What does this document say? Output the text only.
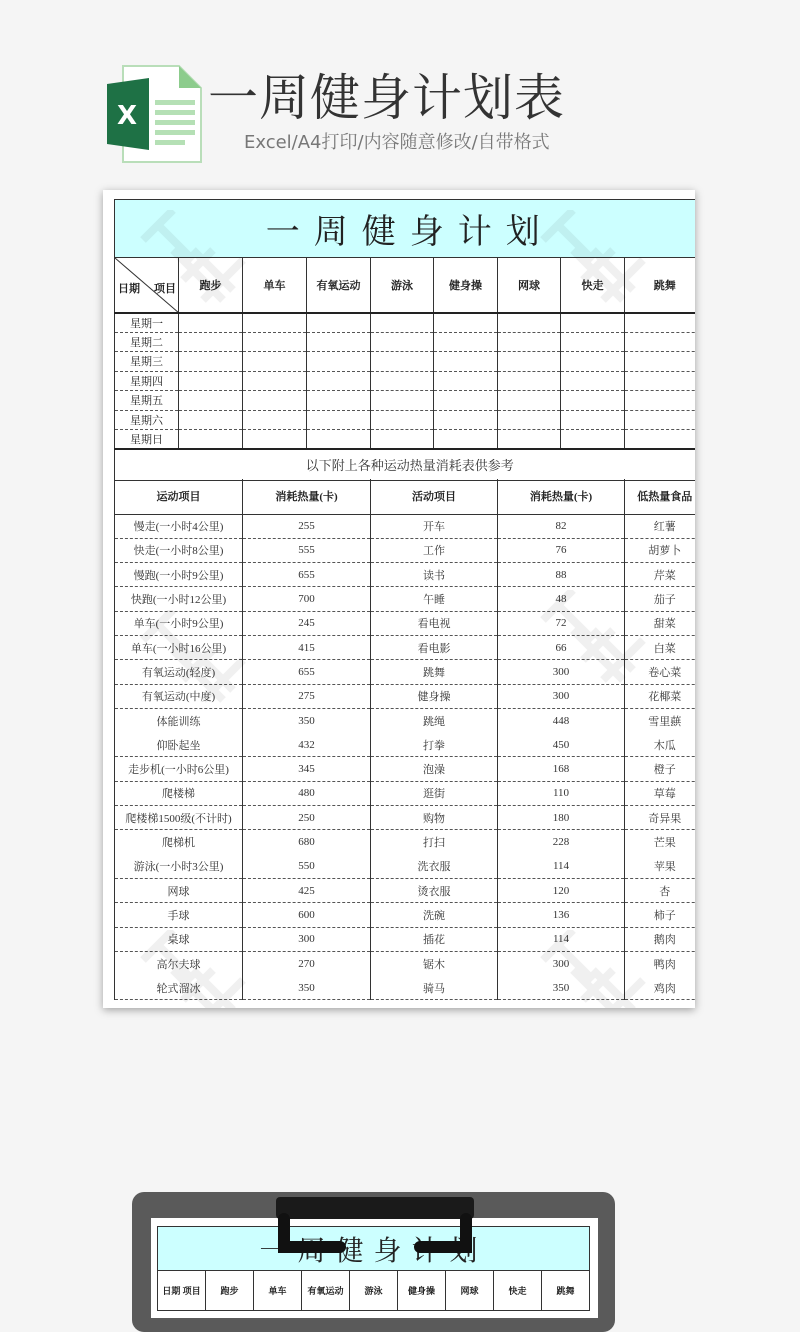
X 一周健身计划表
Excel/A4打印/内容随意修改/自带格式
一周健身计划								

日期 项目	跑步	单车	有氧运动	游泳	健身操	网球	快走	跳舞
星期一								
星期二								
星期三								
星期四								
星期五								
星期六								
星期日								
以下附上各种运动热量消耗表供参考								
运动项目	消耗热量(卡)	活动项目	消耗热量(卡)	低热量食品
慢走(一小时4公里)	255	开车	82	红薯
快走(一小时8公里)	555	工作	76	胡萝卜
慢跑(一小时9公里)	655	读书	88	芹菜
快跑(一小时12公里)	700	午睡	48	茄子
单车(一小时9公里)	245	看电视	72	甜菜
单车(一小时16公里)	415	看电影	66	白菜
有氧运动(轻度)	655	跳舞	300	卷心菜
有氧运动(中度)	275	健身操	300	花椰菜
体能训练	350	跳绳	448	雪里蕻
仰卧起坐	432	打拳	450	木瓜
走步机(一小时6公里)	345	泡澡	168	橙子
爬楼梯	480	逛街	110	草莓
爬楼梯1500级(不计时)	250	购物	180	奇异果
爬梯机	680	打扫	228	芒果
游泳(一小时3公里)	550	洗衣服	114	苹果
网球	425	烫衣服	120	杏
手球	600	洗碗	136	柿子
桌球	300	插花	114	鹅肉
高尔夫球	270	锯木	300	鸭肉
轮式溜冰	350	骑马	350	鸡肉
一周健身计划
日期 项目	跑步	单车	有氧运动	游泳	健身操	网球	快走	跳舞
